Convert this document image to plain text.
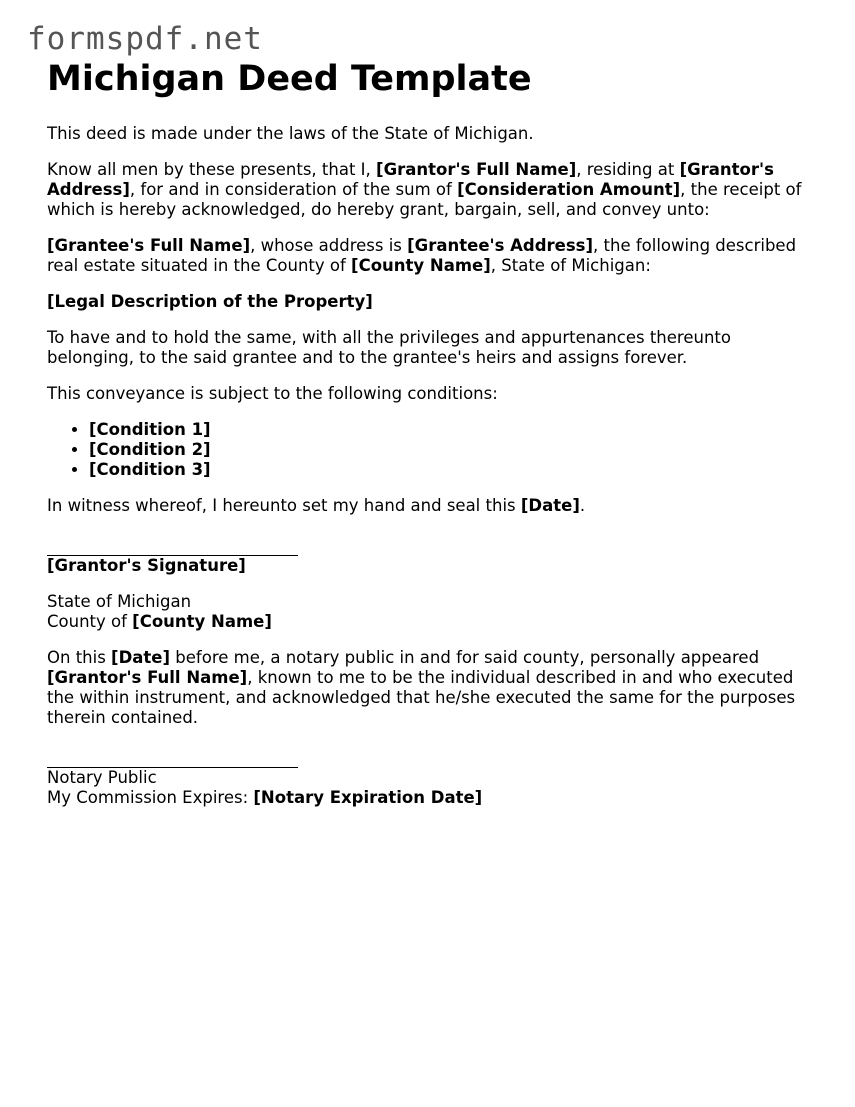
formspdf.net
Michigan Deed Template

This deed is made under the laws of the State of Michigan.

Know all men by these presents, that I, [Grantor's Full Name], residing at [Grantor's Address], for and in consideration of the sum of [Consideration Amount], the receipt of which is hereby acknowledged, do hereby grant, bargain, sell, and convey unto:

[Grantee's Full Name], whose address is [Grantee's Address], the following described real estate situated in the County of [County Name], State of Michigan:

[Legal Description of the Property]

To have and to hold the same, with all the privileges and appurtenances thereunto belonging, to the said grantee and to the grantee's heirs and assigns forever.

This conveyance is subject to the following conditions:

• [Condition 1]
• [Condition 2]
• [Condition 3]

In witness whereof, I hereunto set my hand and seal this [Date].

[Grantor's Signature]

State of Michigan
County of [County Name]

On this [Date] before me, a notary public in and for said county, personally appeared [Grantor's Full Name], known to me to be the individual described in and who executed the within instrument, and acknowledged that he/she executed the same for the purposes therein contained.

Notary Public
My Commission Expires: [Notary Expiration Date]
